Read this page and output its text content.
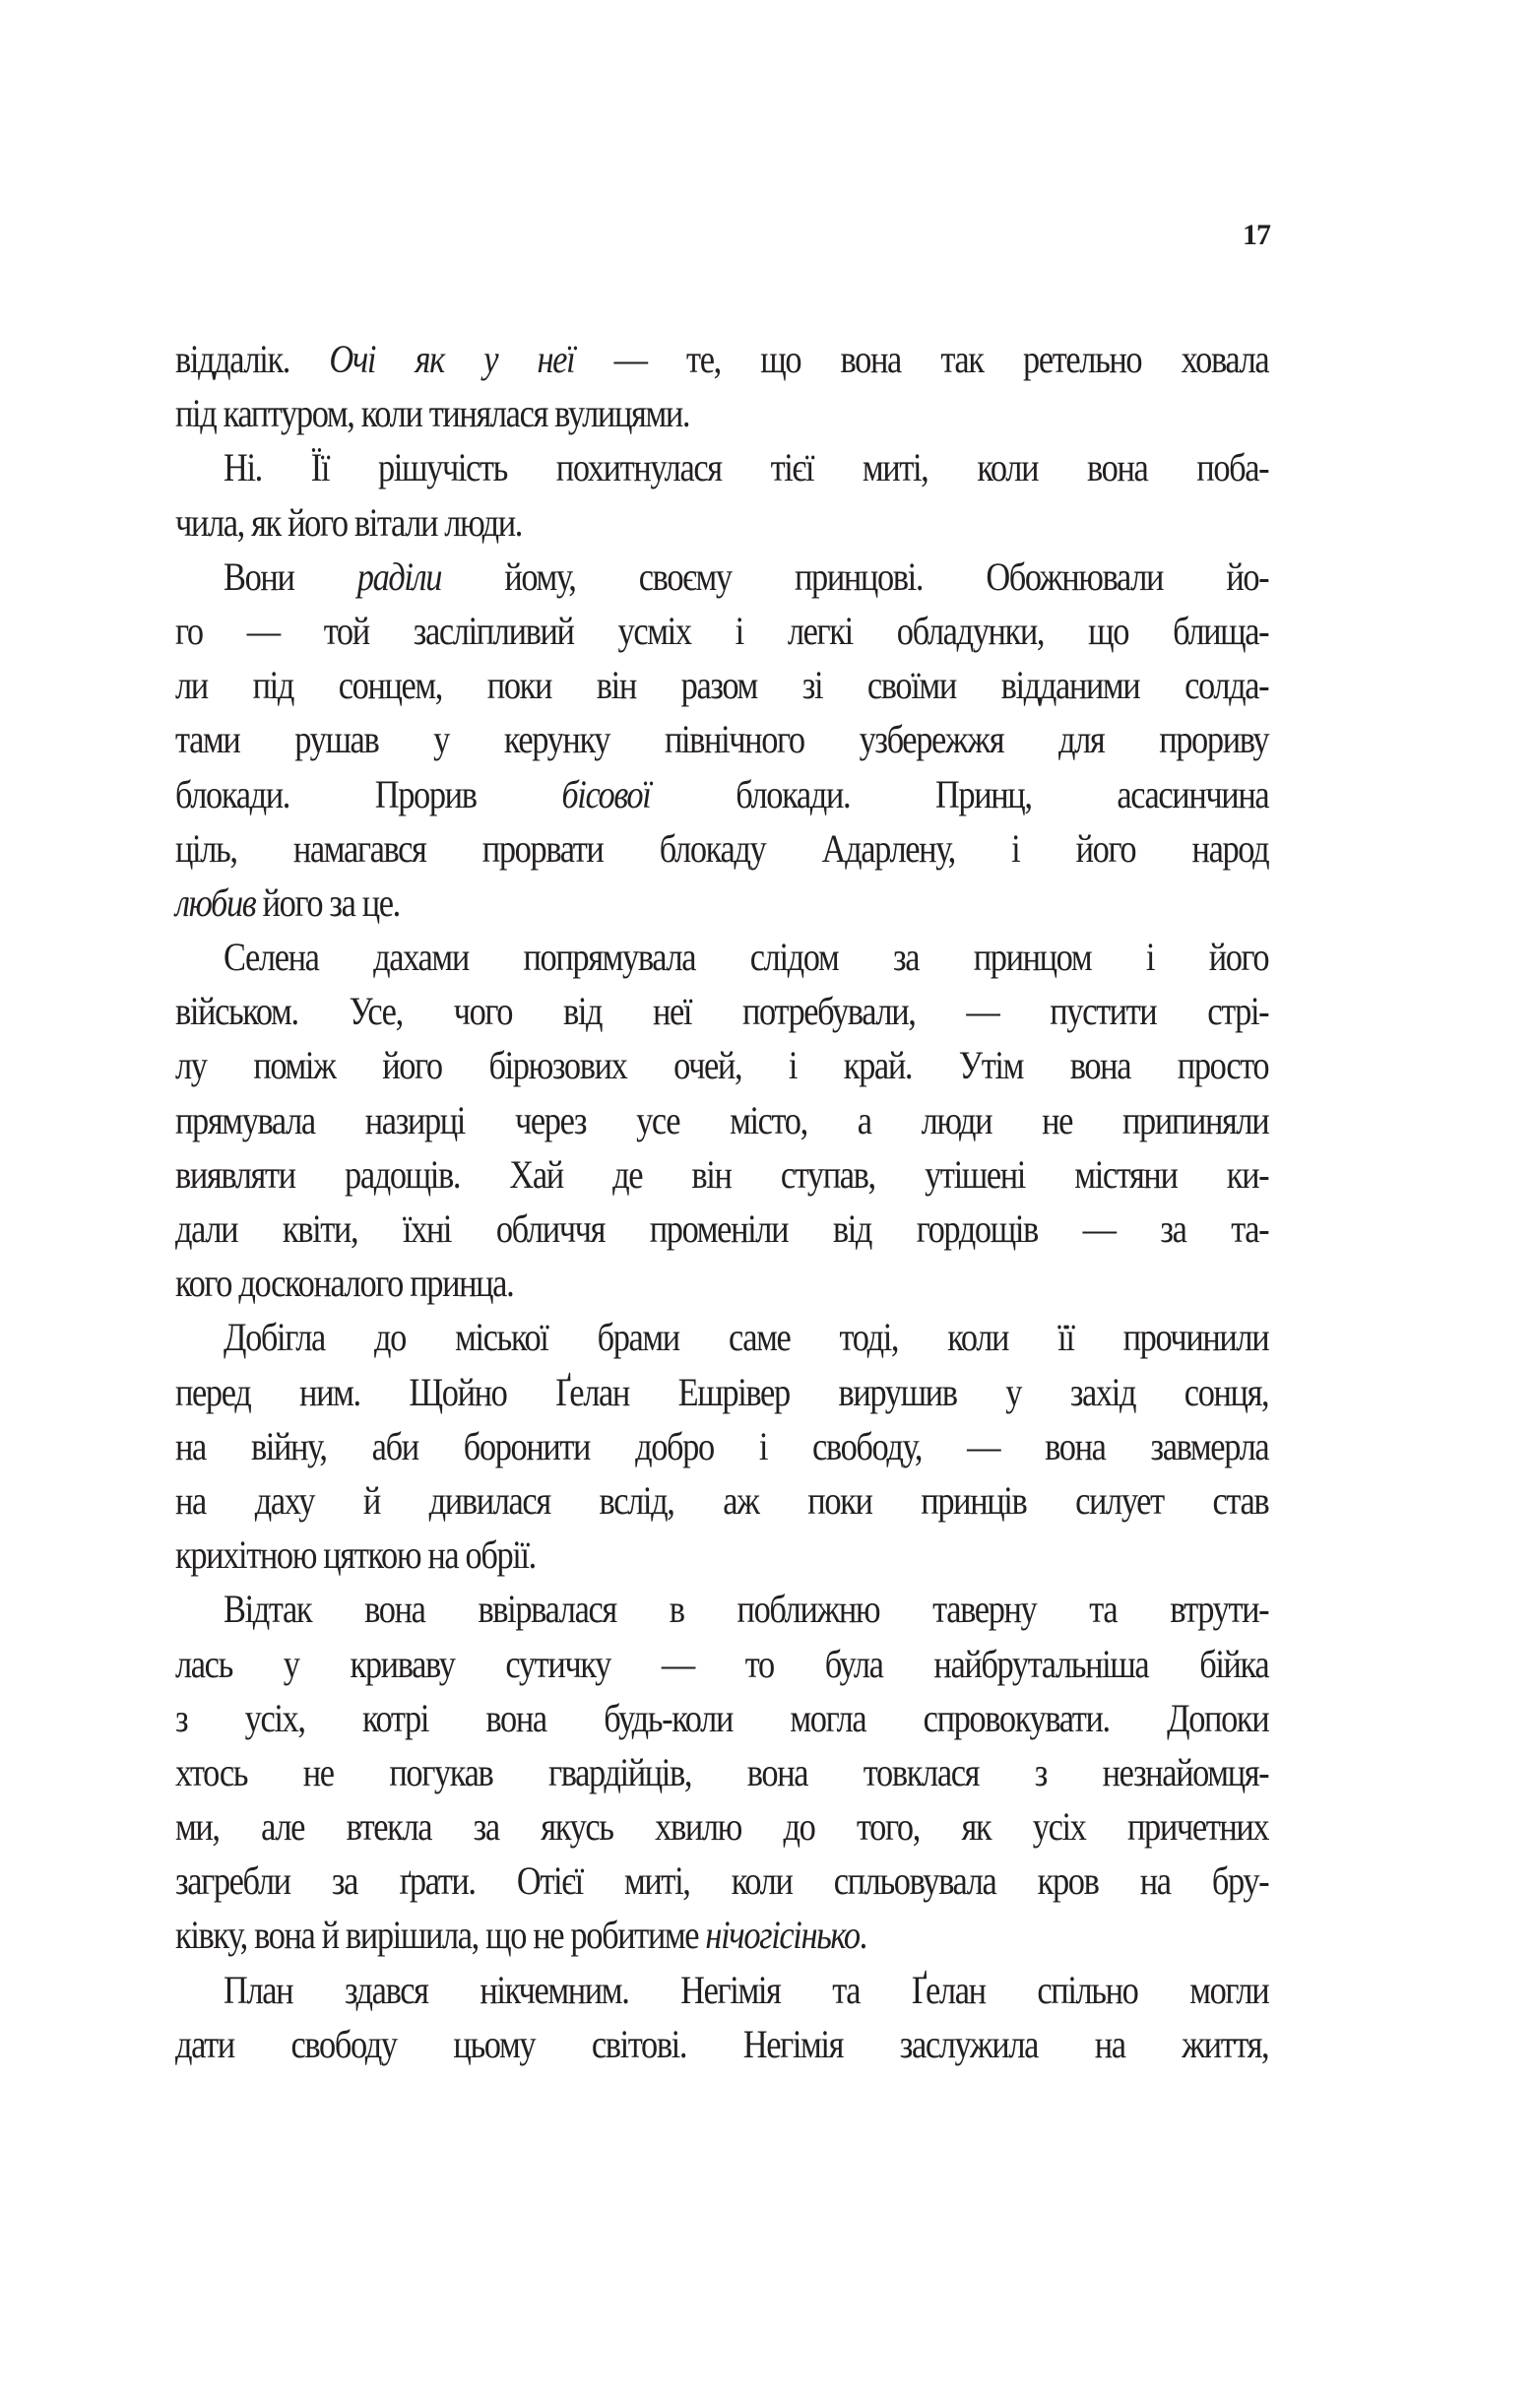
17
віддалік. Очі як у неї — те, що вона так ретельно ховала
під каптуром, коли тинялася вулицями.
Ні. Її рішучість похитнулася тієї миті, коли вона поба-
чила, як його вітали люди.
Вони раділи йому, своєму принцові. Обожнювали йо-
го — той засліпливий усміх і легкі обладунки, що блища-
ли під сонцем, поки він разом зі своїми відданими солда-
тами рушав у керунку північного узбережжя для прориву
блокади. Прорив бісової блокади. Принц, асасинчина
ціль, намагався прорвати блокаду Адарлену, і його народ
любив його за це.
Селена дахами попрямувала слідом за принцом і його
військом. Усе, чого від неї потребували, — пустити стрі-
лу поміж його бірюзових очей, і край. Утім вона просто
прямувала назирці через усе місто, а люди не припиняли
виявляти радощів. Хай де він ступав, утішені містяни ки-
дали квіти, їхні обличчя променіли від гордощів — за та-
кого досконалого принца.
Добігла до міської брами саме тоді, коли її прочинили
перед ним. Щойно Ґелан Ешрівер вирушив у захід сонця,
на війну, аби боронити добро і свободу, — вона завмерла
на даху й дивилася вслід, аж поки принців силует став
крихітною цяткою на обрії.
Відтак вона ввірвалася в поближню таверну та втрути-
лась у криваву сутичку — то була найбрутальніша бійка
з усіх, котрі вона будь-коли могла спровокувати. Допоки
хтось не погукав гвардійців, вона товклася з незнайомця-
ми, але втекла за якусь хвилю до того, як усіх причетних
загребли за ґрати. Отієї миті, коли спльовувала кров на бру-
ківку, вона й вирішила, що не робитиме нічогісінько.
План здався нікчемним. Негімія та Ґелан спільно могли
дати свободу цьому світові. Негімія заслужила на життя,
